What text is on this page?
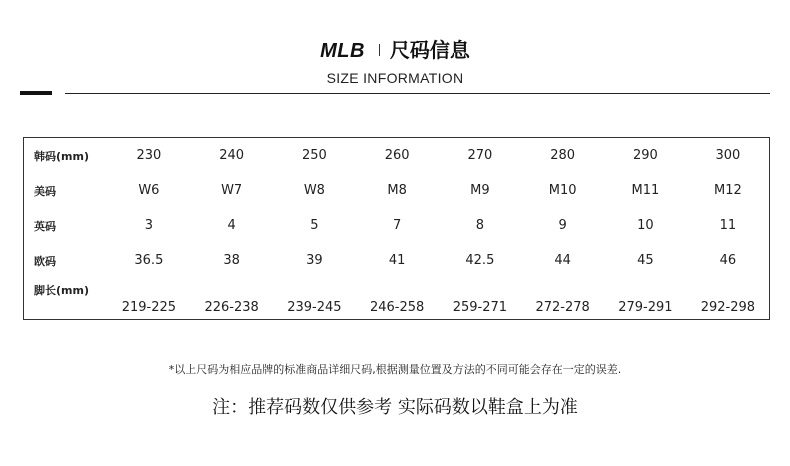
MLB 尺码信息
SIZE INFORMATION
韩码(mm)	230	240	250	260	270	280	290	300
美码	W6	W7	W8	M8	M9	M10	M11	M12
英码	3	4	5	7	8	9	10	11
欧码	36.5	38	39	41	42.5	44	45	46
脚长(mm)	219-225	226-238	239-245	246-258	259-271	272-278	279-291	292-298
*以上尺码为相应品牌的标准商品详细尺码,根据测量位置及方法的不同可能会存在一定的误差.
注：推荐码数仅供参考 实际码数以鞋盒上为准
